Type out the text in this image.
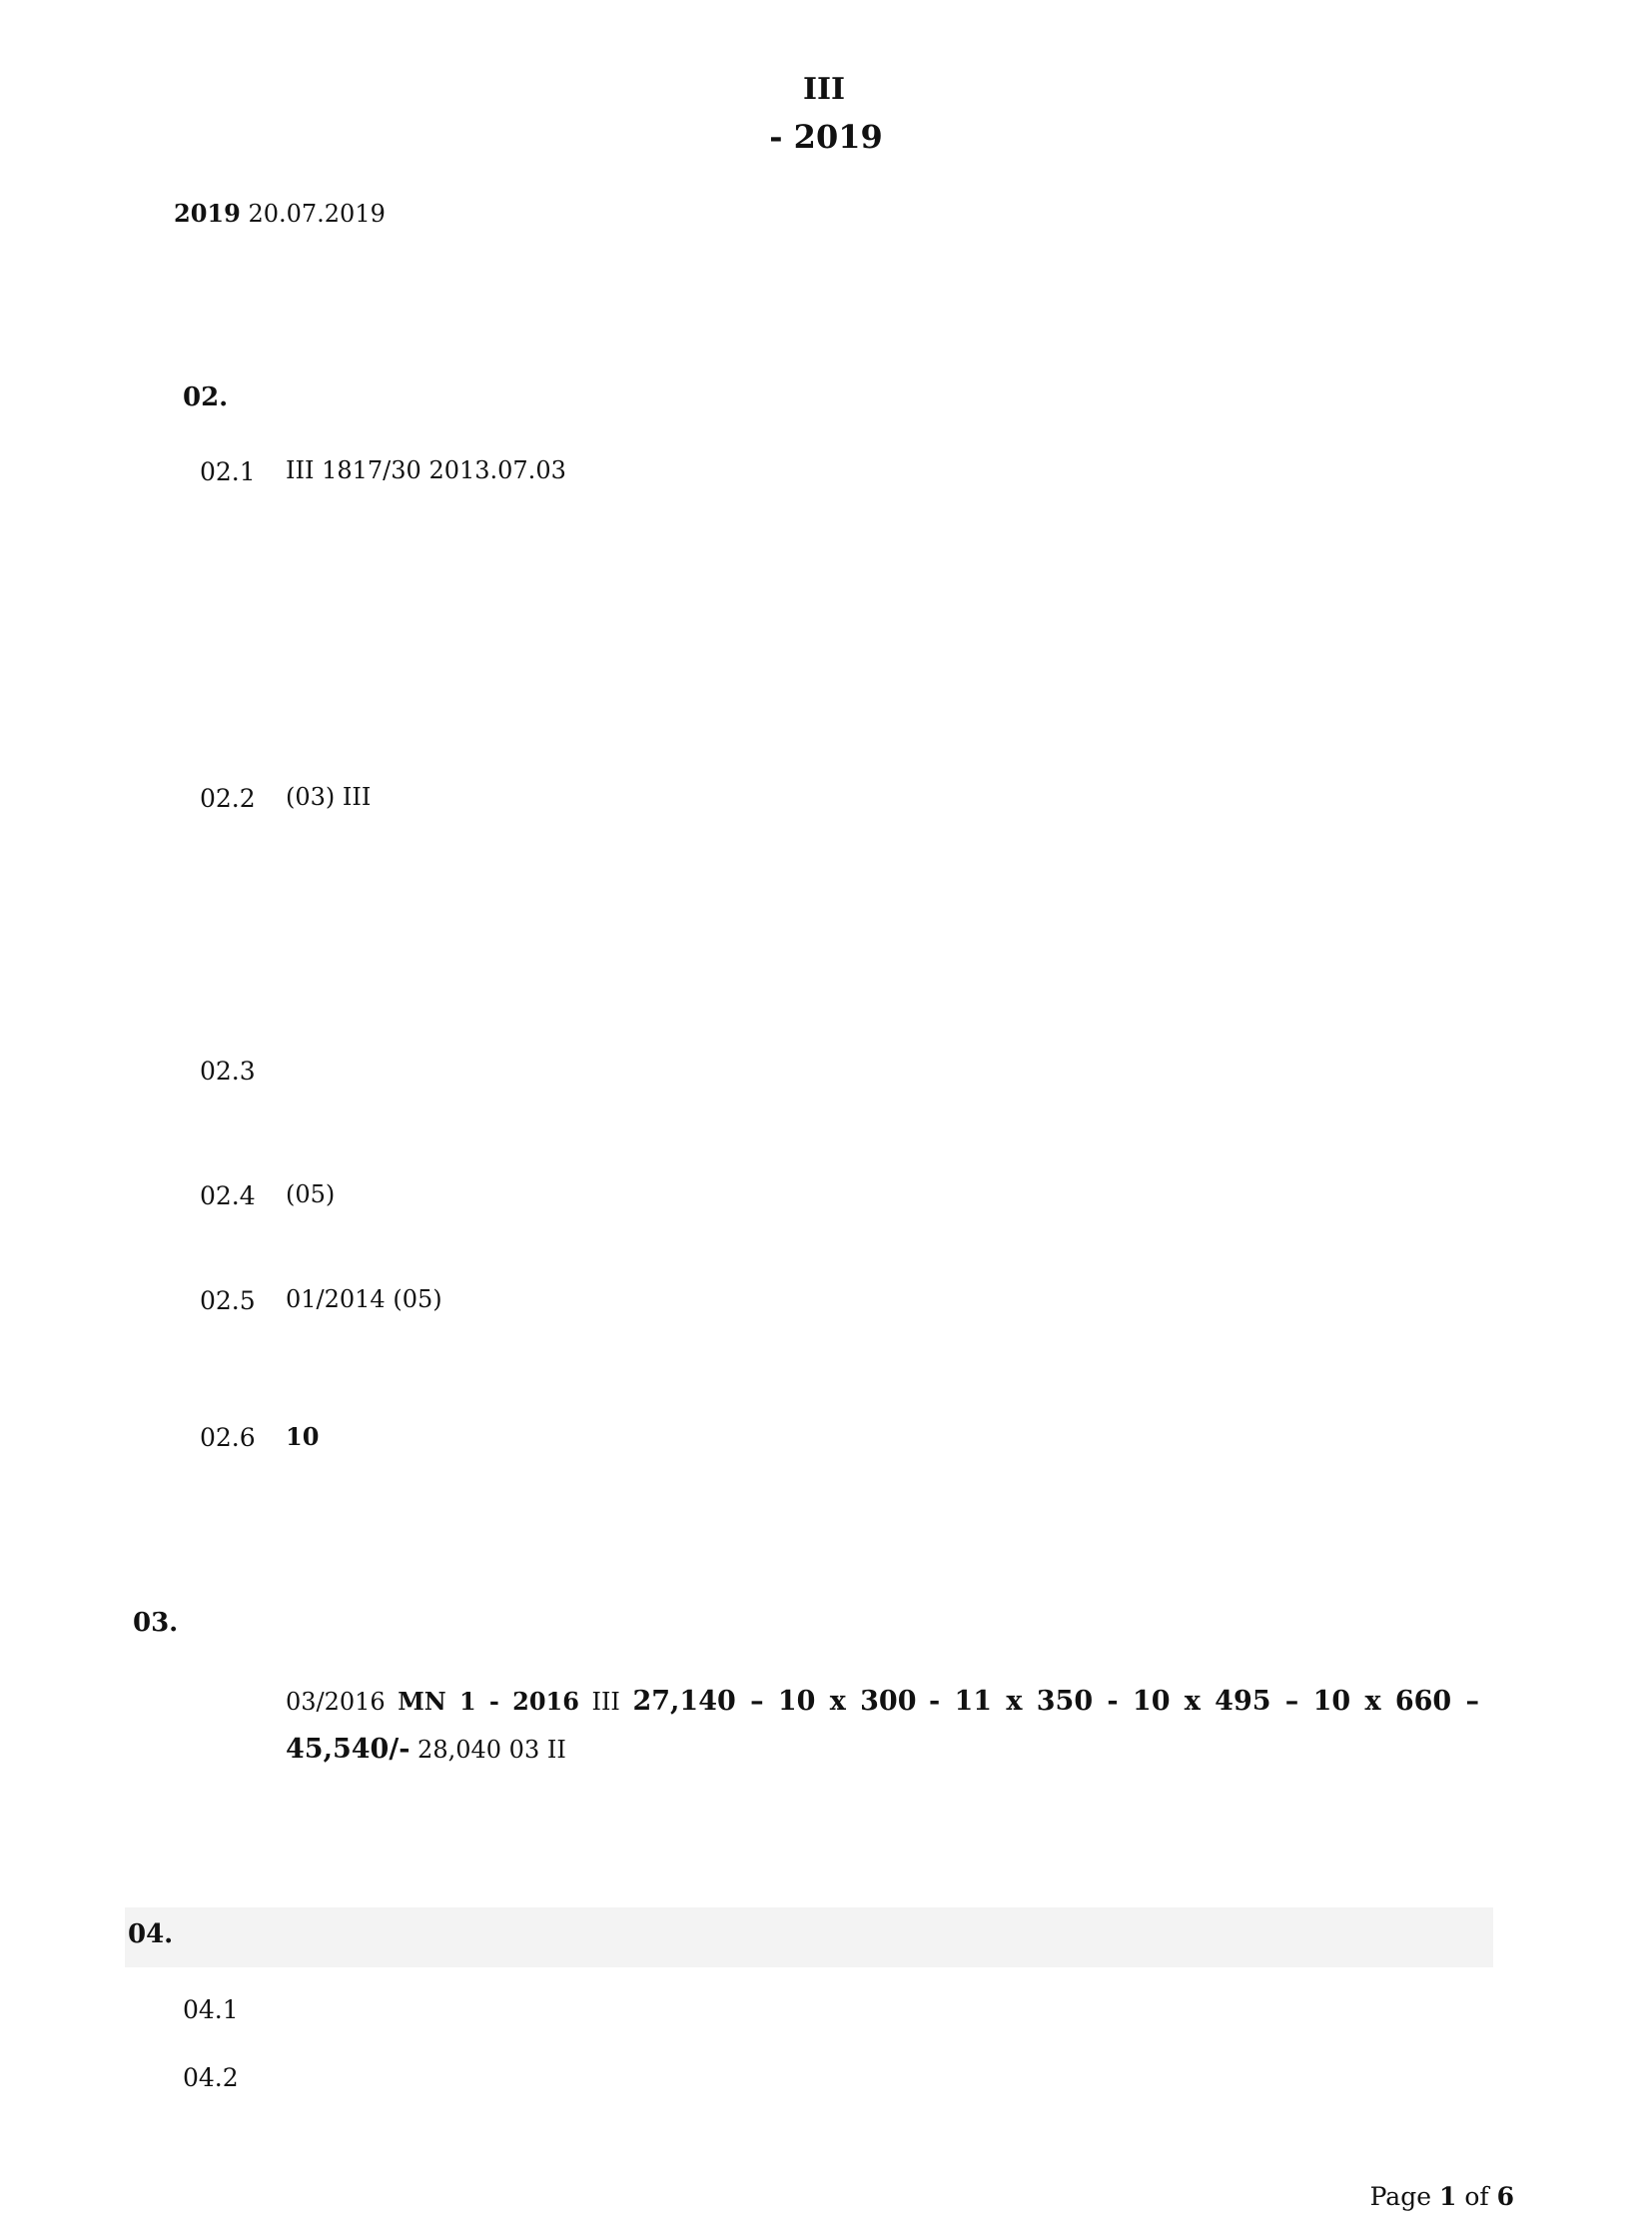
III
- 2019
2019 20.07.2019
02.
02.1 III 1817/30 2013.07.03
02.2 (03) III
02.3
02.4 (05)
02.5 01/2014 (05)
02.6 10
03.
03/2016 MN 1 - 2016 III 27,140 – 10 x 300 - 11 x 350 - 10 x 495 – 10 x 660 – 45,540/- 28,040 03 II
04.
04.1
04.2
Page 1 of 6
